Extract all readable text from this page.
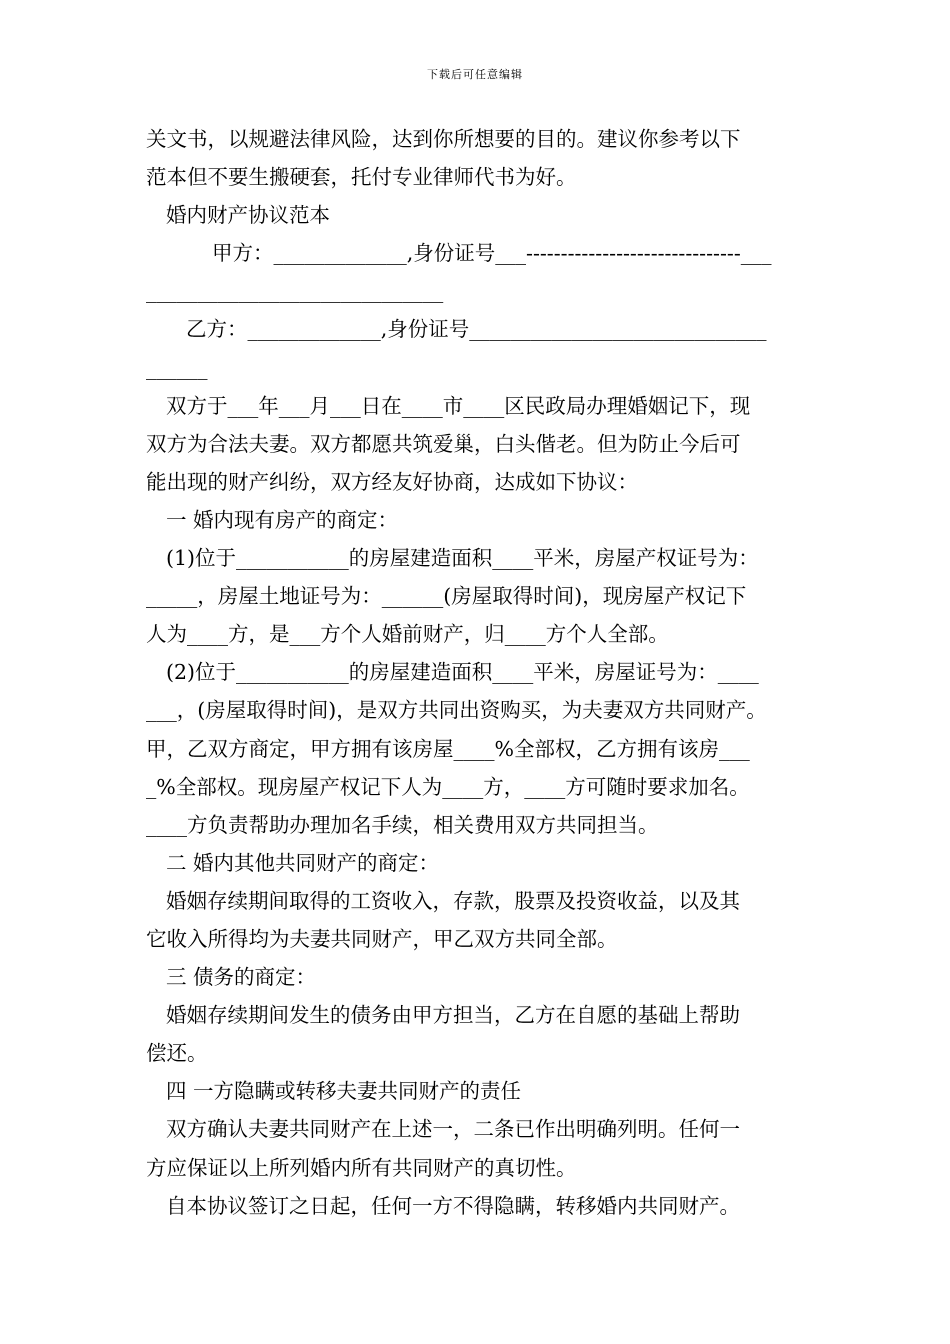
下载后可任意编辑
关文书，以规避法律风险，达到你所想要的目的。建议你参考以下
范本但不要生搬硬套，托付专业律师代书为好。
婚内财产协议范本
甲方：_____________,身份证号___-------------------------------___
_____________________________
乙方：_____________,身份证号_____________________________
______
双方于___年___月___日在____市____区民政局办理婚姻记下，现
双方为合法夫妻。双方都愿共筑爱巢，白头偕老。但为防止今后可
能出现的财产纠纷，双方经友好协商，达成如下协议：
一 婚内现有房产的商定：
(1)位于___________的房屋建造面积____平米，房屋产权证号为：
_____，房屋土地证号为：______(房屋取得时间)，现房屋产权记下
人为____方，是___方个人婚前财产，归____方个人全部。
(2)位于___________的房屋建造面积____平米，房屋证号为：____
___，(房屋取得时间)，是双方共同出资购买，为夫妻双方共同财产。
甲，乙双方商定，甲方拥有该房屋____%全部权，乙方拥有该房___
_%全部权。现房屋产权记下人为____方，____方可随时要求加名。
____方负责帮助办理加名手续，相关费用双方共同担当。
二 婚内其他共同财产的商定：
婚姻存续期间取得的工资收入，存款，股票及投资收益，以及其
它收入所得均为夫妻共同财产，甲乙双方共同全部。
三 债务的商定：
婚姻存续期间发生的债务由甲方担当，乙方在自愿的基础上帮助
偿还。
四 一方隐瞒或转移夫妻共同财产的责任
双方确认夫妻共同财产在上述一，二条已作出明确列明。任何一
方应保证以上所列婚内所有共同财产的真切性。
自本协议签订之日起，任何一方不得隐瞒，转移婚内共同财产。
